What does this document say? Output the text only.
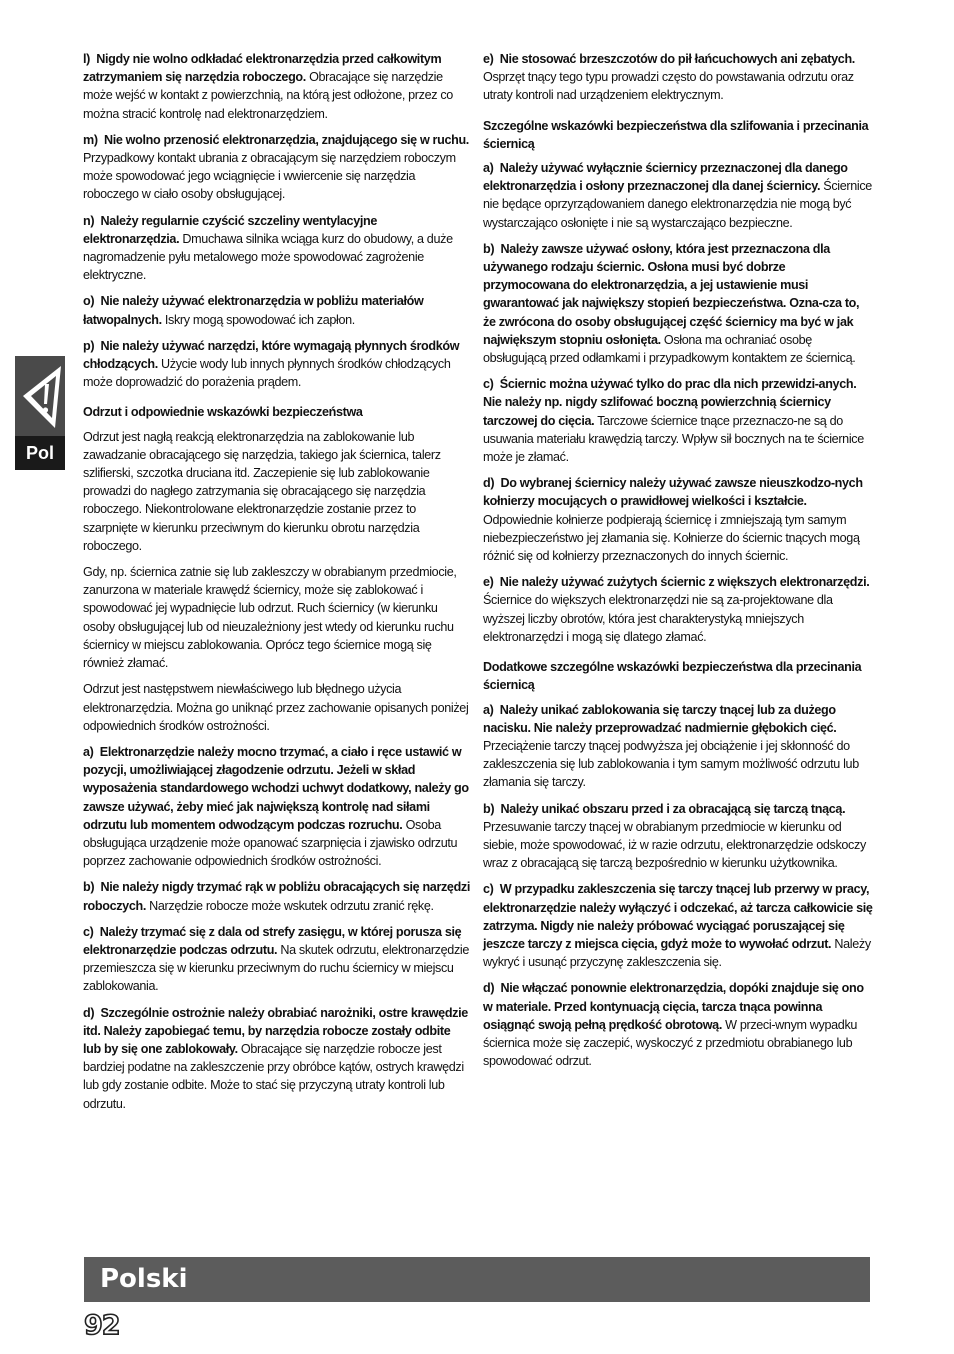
Pol

l)  Nigdy nie wolno odkładać elektronarzędzia przed całkowitym zatrzymaniem się narzędzia roboczego. Obracające się narzędzie może wejść w kontakt z powierzchnią, na którą jest odłożone, przez co można stracić kontrolę nad elektronarzędziem.

m)  Nie wolno przenosić elektronarzędzia, znajdującego się w ruchu. Przypadkowy kontakt ubrania z obracającym się narzędziem roboczym może spowodować jego wciągnięcie i wwiercenie się narzędzia roboczego w ciało osoby obsługującej.

n)  Należy regularnie czyścić szczeliny wentylacyjne elektronarzędzia. Dmuchawa silnika wciąga kurz do obudowy, a duże nagromadzenie pyłu metalowego może spowodować zagrożenie elektryczne.

o)  Nie należy używać elektronarzędzia w pobliżu materiałów łatwopalnych. Iskry mogą spowodować ich zapłon.

p)  Nie należy używać narzędzi, które wymagają płynnych środków chłodzących. Użycie wody lub innych płynnych środków chłodzących może doprowadzić do porażenia prądem.

Odrzut i odpowiednie wskazówki bezpieczeństwa

Odrzut jest nagłą reakcją elektronarzędzia na zablokowanie lub zawadzanie obracającego się narzędzia, takiego jak ściernica, talerz szlifierski, szczotka druciana itd. Zaczepienie się lub zablokowanie prowadzi do nagłego zatrzymania się obracającego się narzędzia roboczego. Niekontrolowane elektronarzędzie zostanie przez to szarpnięte w kierunku przeciwnym do kierunku obrotu narzędzia roboczego.

Gdy, np. ściernica zatnie się lub zakleszczy w obrabianym przedmiocie, zanurzona w materiale krawędź ściernicy, może się zablokować i spowodować jej wypadnięcie lub odrzut. Ruch ściernicy (w kierunku osoby obsługującej lub od nieuzależniony jest wtedy od kierunku ruchu ściernicy w miejscu zablokowania. Oprócz tego ściernice mogą się również złamać.

Odrzut jest następstwem niewłaściwego lub błędnego użycia elektronarzędzia. Można go uniknąć przez zachowanie opisanych poniżej odpowiednich środków ostrożności.

a)  Elektronarzędzie należy mocno trzymać, a ciało i ręce ustawić w pozycji, umożliwiającej złagodzenie odrzutu. Jeżeli w skład wyposażenia standardowego wchodzi uchwyt dodatkowy, należy go zawsze używać, żeby mieć jak największą kontrolę nad siłami odrzutu lub momentem odwodzącym podczas rozruchu. Osoba obsługująca urządzenie może opanować szarpnięcia i zjawisko odrzutu poprzez zachowanie odpowiednich środków ostrożności.

b)  Nie należy nigdy trzymać rąk w pobliżu obracających się narzędzi roboczych. Narzędzie robocze może wskutek odrzutu zranić rękę.

c)  Należy trzymać się z dala od strefy zasięgu, w której porusza się elektronarzędzie podczas odrzutu. Na skutek odrzutu, elektronarzędzie przemieszcza się w kierunku przeciwnym do ruchu ściernicy w miejscu zablokowania.

d)  Szczególnie ostrożnie należy obrabiać narożniki, ostre krawędzie itd. Należy zapobiegać temu, by narzędzia robocze zostały odbite lub by się one zablokowały. Obracające się narzędzie robocze jest bardziej podatne na zakleszczenie przy obróbce kątów, ostrych krawędzi lub gdy zostanie odbite. Może to stać się przyczyną utraty kontroli lub odrzutu.

e)  Nie stosować brzeszczotów do pił łańcuchowych ani zębatych. Osprzęt tnący tego typu prowadzi często do powstawania odrzutu oraz utraty kontroli nad urządzeniem elektrycznym.

Szczególne wskazówki bezpieczeństwa dla szlifowania i przecinania ściernicą

a)  Należy używać wyłącznie ściernicy przeznaczonej dla danego elektronarzędzia i osłony przeznaczonej dla danej ściernicy. Ściernice nie będące oprzyrządowaniem danego elektronarzędzia nie mogą być wystarczająco osłonięte i nie są wystarczająco bezpieczne.

b)  Należy zawsze używać osłony, która jest przeznaczona dla używanego rodzaju ściernic. Osłona musi być dobrze przymocowana do elektronarzędzia, a jej ustawienie musi gwarantować jak największy stopień bezpieczeństwa. Ozna-cza to, że zwrócona do osoby obsługującej część ściernicy ma być w jak największym stopniu osłonięta. Osłona ma ochraniać osobę obsługującą przed odłamkami i przypadkowym kontaktem ze ściernicą.

c)  Ściernic można używać tylko do prac dla nich przewidzi-anych. Nie należy np. nigdy szlifować boczną powierzchnią ściernicy tarczowej do cięcia. Tarczowe ściernice tnące przeznaczo-ne są do usuwania materiału krawędzią tarczy. Wpływ sił bocznych na te ściernice może je złamać.

d)  Do wybranej ściernicy należy używać zawsze nieuszkodzo-nych kołnierzy mocujących o prawidłowej wielkości i kształcie. Odpowiednie kołnierze podpierają ściernicę i zmniejszają tym samym niebezpieczeństwo jej złamania się. Kołnierze do ściernic tnących mogą różnić się od kołnierzy przeznaczonych do innych ściernic.

e)  Nie należy używać zużytych ściernic z większych elektronarzędzi. Ściernice do większych elektronarzędzi nie są za-projektowane dla wyższej liczby obrotów, która jest charakterystyką mniejszych elektronarzędzi i mogą się dlatego złamać.

Dodatkowe szczególne wskazówki bezpieczeństwa dla przecinania ściernicą

a)  Należy unikać zablokowania się tarczy tnącej lub za dużego nacisku. Nie należy przeprowadzać nadmiernie głębokich cięć. Przeciążenie tarczy tnącej podwyższa jej obciążenie i jej skłonność do zakleszczenia się lub zablokowania i tym samym możliwość odrzutu lub złamania się tarczy.

b)  Należy unikać obszaru przed i za obracającą się tarczą tnącą. Przesuwanie tarczy tnącej w obrabianym przedmiocie w kierunku od siebie, może spowodować, iż w razie odrzutu, elektronarzędzie odskoczy wraz z obracającą się tarczą bezpośrednio w kierunku użytkownika.

c)  W przypadku zakleszczenia się tarczy tnącej lub przerwy w pracy, elektronarzędzie należy wyłączyć i odczekać, aż tarcza całkowicie się zatrzyma. Nigdy nie należy próbować wyciągać poruszającej się jeszcze tarczy z miejsca cięcia, gdyż może to wywołać odrzut. Należy wykryć i usunąć przyczynę zakleszczenia się.

d)  Nie włączać ponownie elektronarzędzia, dopóki znajduje się ono w materiale. Przed kontynuacją cięcia, tarcza tnąca powinna osiągnąć swoją pełną prędkość obrotową. W przeci-wnym wypadku ściernica może się zaczepić, wyskoczyć z przedmiotu obrabianego lub spowodować odrzut.

Polski
92
